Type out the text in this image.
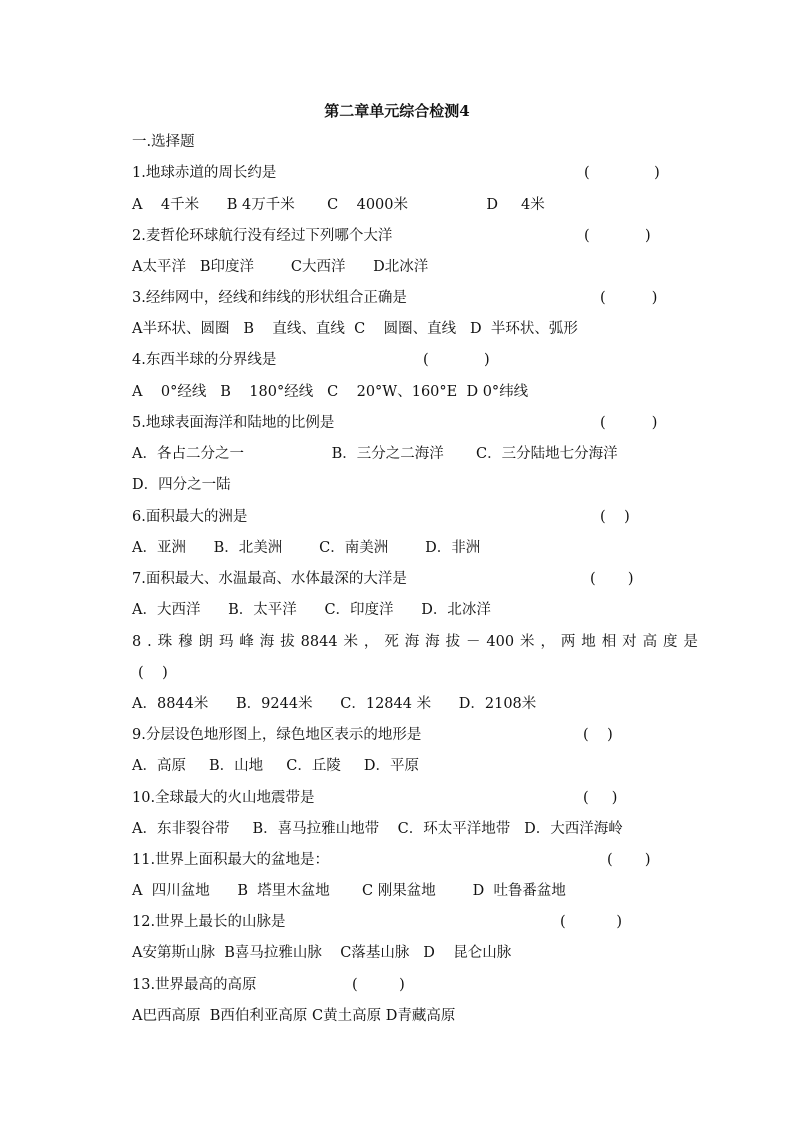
第二章单元综合检测4
一.选择题
1.地球赤道的周长约是	(              )
A    4千米 B 4万千米 C    4000米	D     4米
2.麦哲伦环球航行没有经过下列哪个大洋	(            )
A太平洋 B印度洋	C大西洋 D北冰洋
3.经纬网中，经线和纬线的形状组合正确是	(          )
A半环状、圆圈 B    直线、直线 C    圆圈、直线 D  半环状、弧形
4.东西半球的分界线是	(            )
A    0°经线 B    180°经线 C    20°W、160°E D 0°纬线
5.地球表面海洋和陆地的比例是	(          )
A．各占二分之一	B．三分之二海洋 C．三分陆地七分海洋
D．四分之一陆
6.面积最大的洲是	(    )
A．亚洲 B．北美洲	C．南美洲	D．非洲
7.面积最大、水温最高、水体最深的大洋是	(       )
A．大西洋 B．太平洋 C．印度洋 D．北冰洋
8 . 珠 穆 朗 玛 峰 海 拔 8844 米 ， 死 海 海 拔 － 400 米 ， 两 地 相 对 高 度 是
(    )
A．8844米 B．9244米 C．12844 米 D．2108米
9.分层设色地形图上，绿色地区表示的地形是	(    )
A．高原 B．山地 C．丘陵 D．平原
10.全球最大的火山地震带是	(     )
A．东非裂谷带 B．喜马拉雅山地带 C．环太平洋地带 D．大西洋海岭
11.世界上面积最大的盆地是：	(       )
A  四川盆地 B  塔里木盆地 C 刚果盆地	D  吐鲁番盆地
12.世界上最长的山脉是	(           )
A安第斯山脉 B喜马拉雅山脉 C落基山脉 D    昆仑山脉
13.世界最高的高原	(         )
A巴西高原 B西伯利亚高原 C黄土高原 D青藏高原
